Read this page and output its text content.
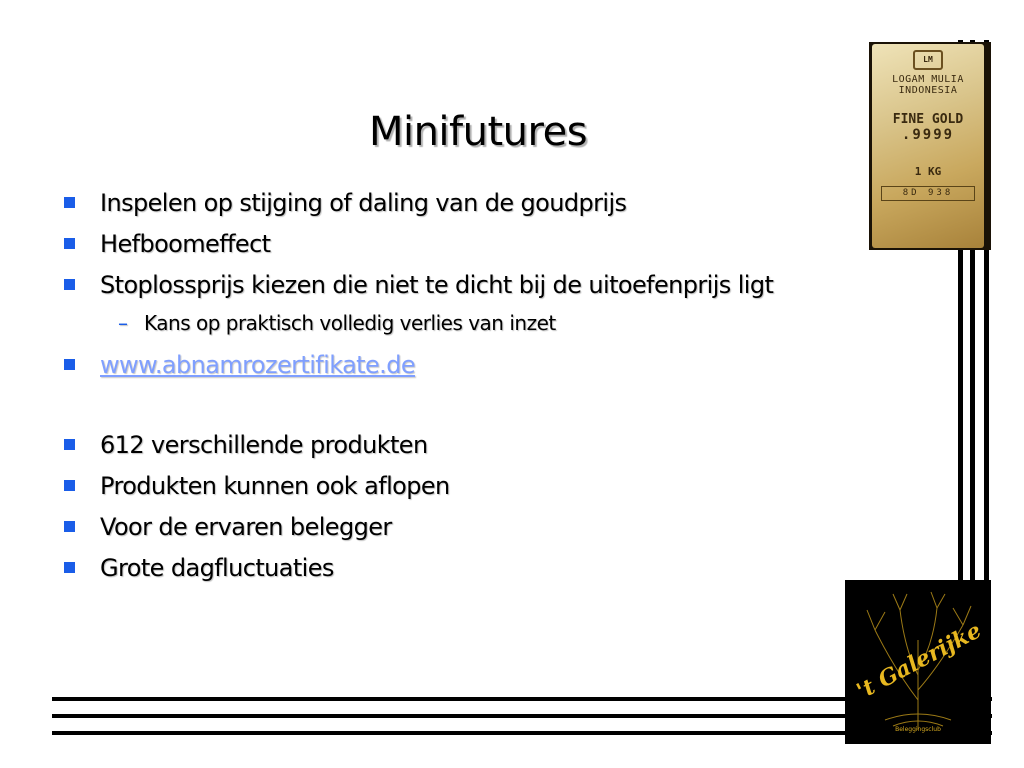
Minifutures
Inspelen op stijging of daling van de goudprijs
Hefboomeffect
Stoplossprijs kiezen die niet te dicht bij de uitoefenprijs ligt
– Kans op praktisch volledig verlies van inzet
www.abnamrozertifikate.de
612 verschillende produkten
Produkten kunnen ook aflopen
Voor de ervaren belegger
Grote dagfluctuaties
LM
LOGAM MULIA
INDONESIA
FINE GOLD
.9999
1 KG
8D 938
't Galerijke
Beleggingsclub
